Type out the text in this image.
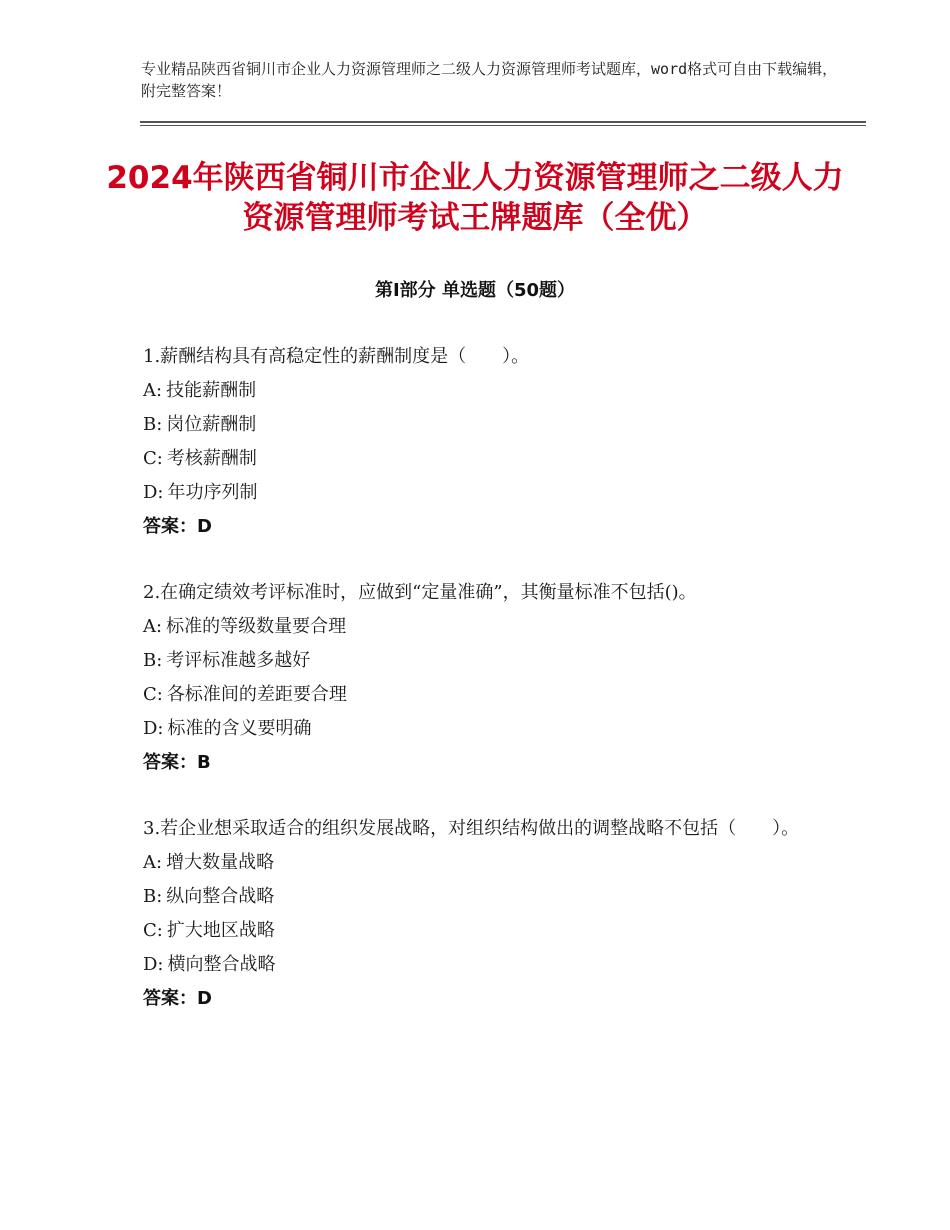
专业精品陕西省铜川市企业人力资源管理师之二级人力资源管理师考试题库，word格式可自由下载编辑，附完整答案！
2024年陕西省铜川市企业人力资源管理师之二级人力资源管理师考试王牌题库（全优）
第Ⅰ部分 单选题（50题）
1.薪酬结构具有高稳定性的薪酬制度是（　　）。
A: 技能薪酬制
B: 岗位薪酬制
C: 考核薪酬制
D: 年功序列制
答案：D
2.在确定绩效考评标准时，应做到“定量准确”，其衡量标准不包括()。
A: 标准的等级数量要合理
B: 考评标准越多越好
C: 各标准间的差距要合理
D: 标准的含义要明确
答案：B
3.若企业想采取适合的组织发展战略，对组织结构做出的调整战略不包括（　　）。
A: 增大数量战略
B: 纵向整合战略
C: 扩大地区战略
D: 横向整合战略
答案：D
